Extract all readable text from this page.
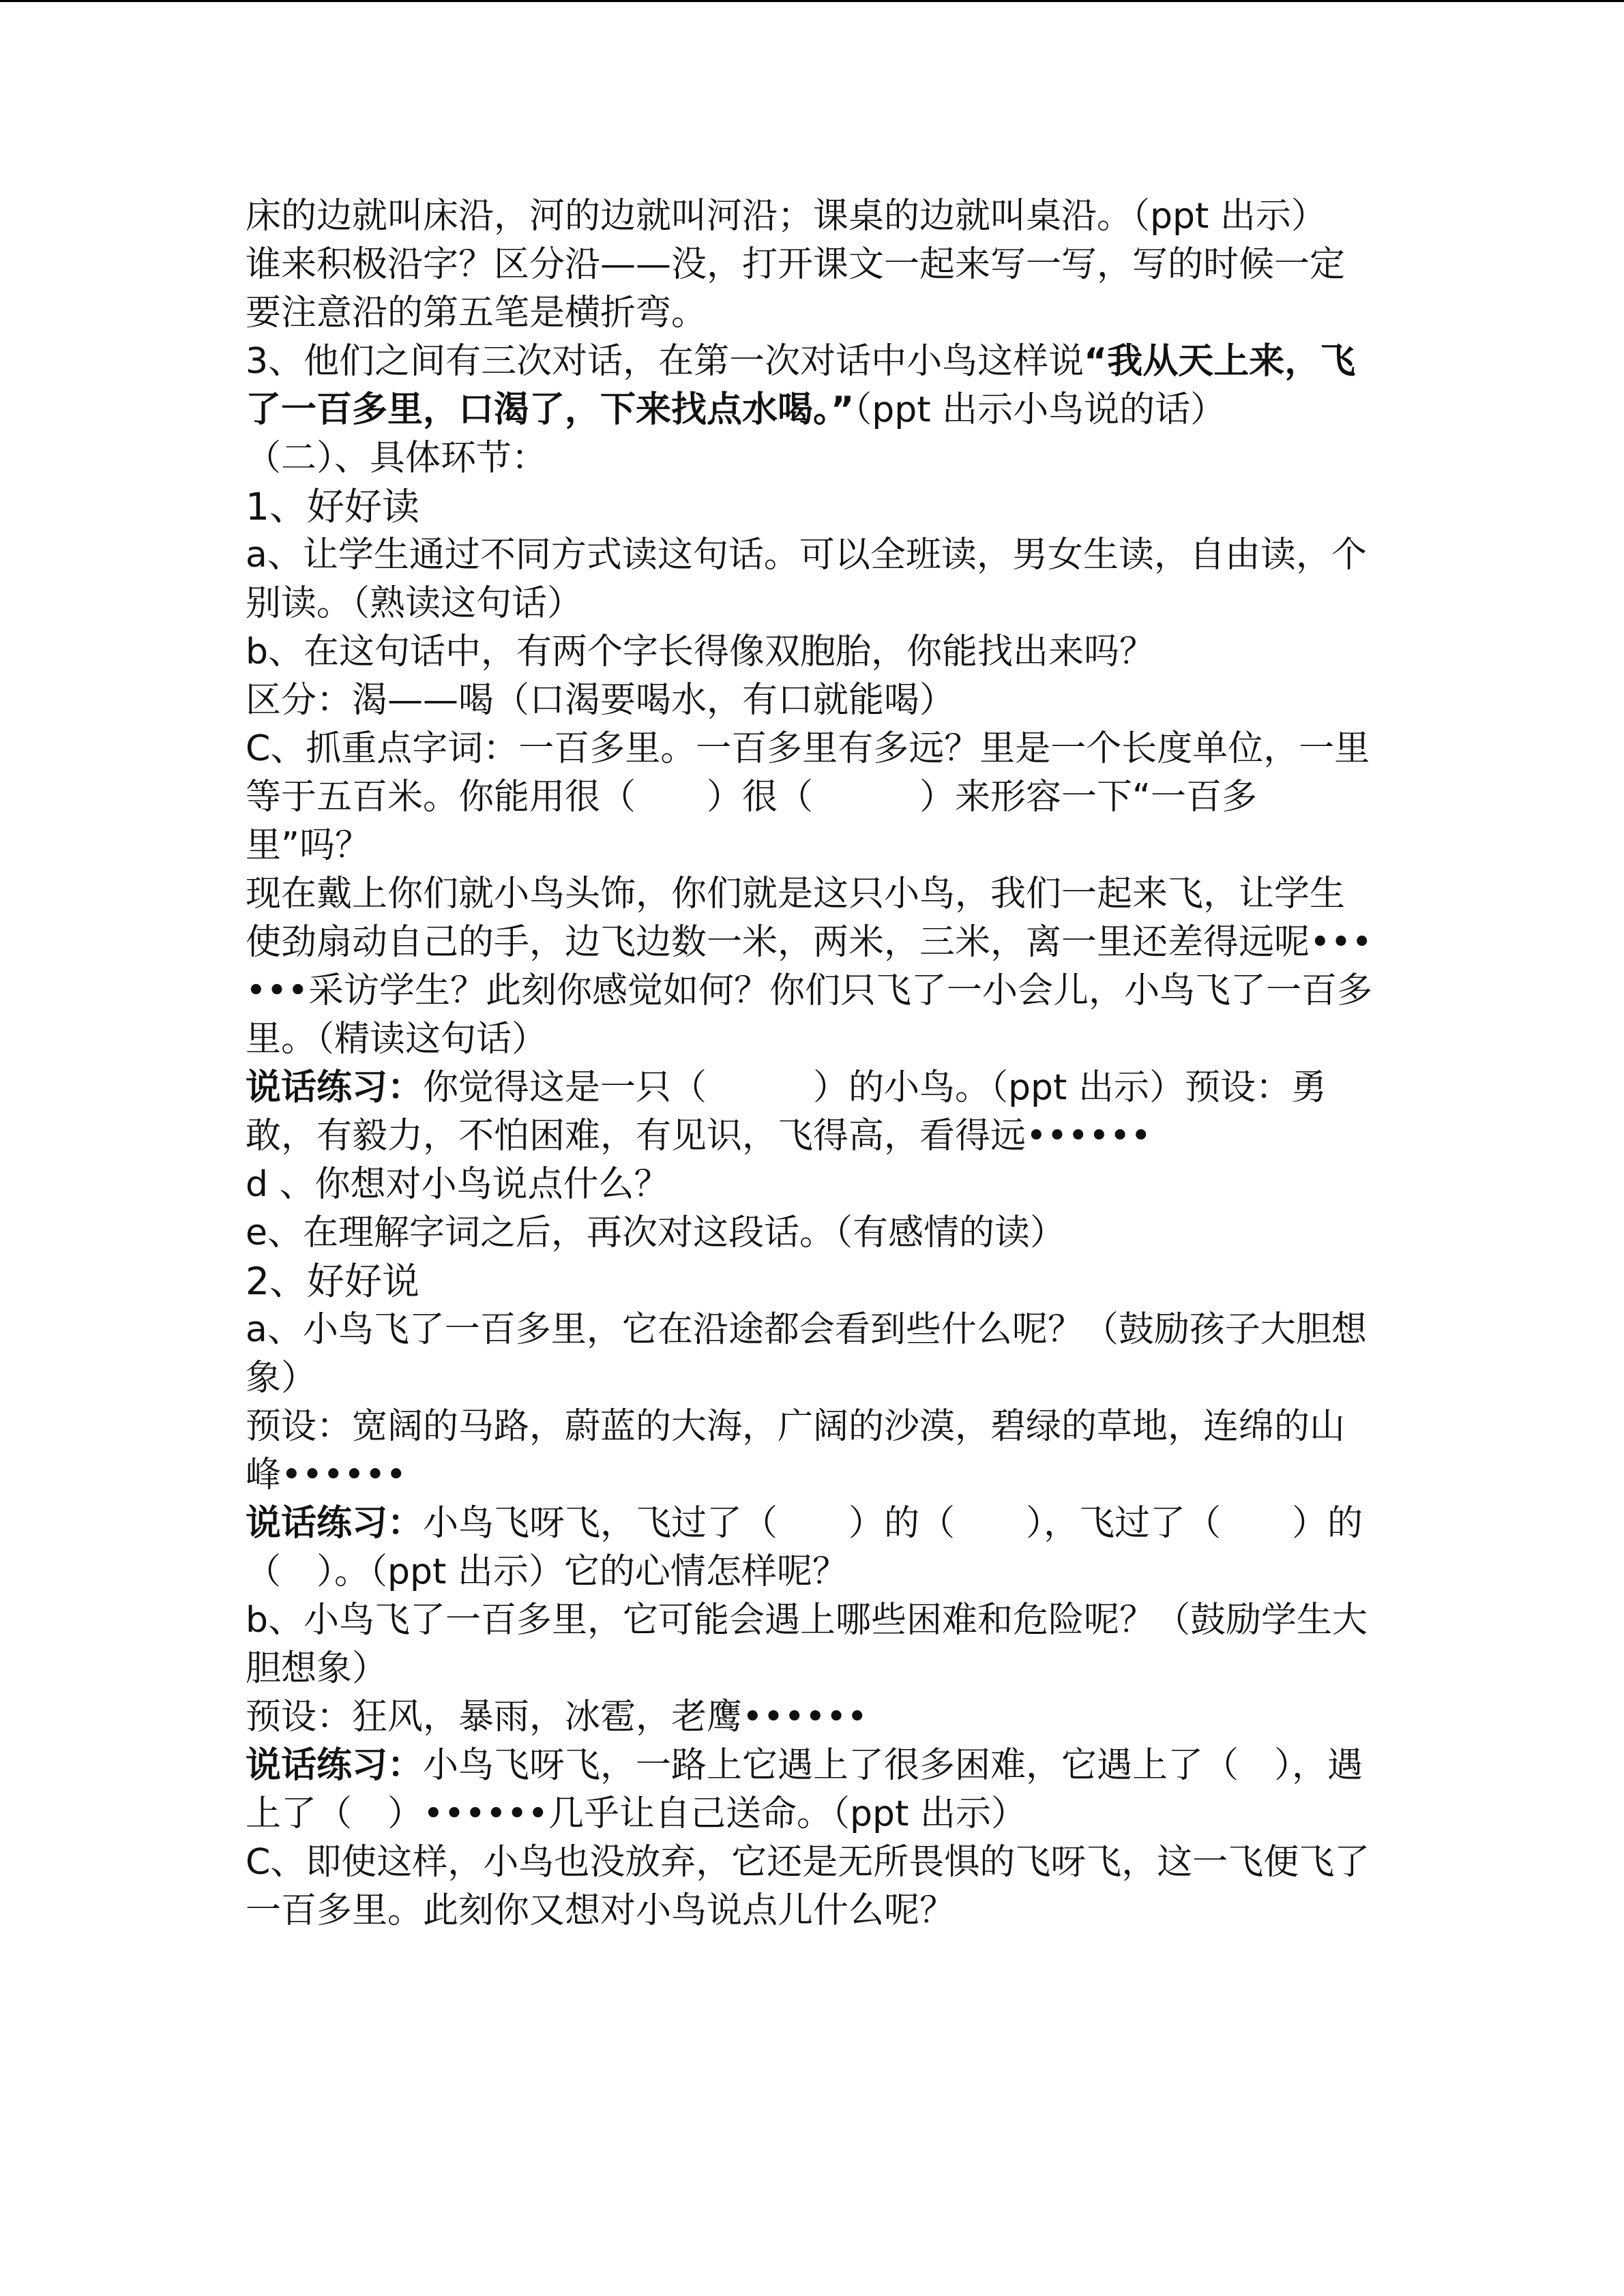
床的边就叫床沿，河的边就叫河沿；课桌的边就叫桌沿。（ppt 出示）

谁来积极沿字？区分沿——没，打开课文一起来写一写，写的时候一定要注意沿的第五笔是横折弯。

3、他们之间有三次对话，在第一次对话中小鸟这样说“我从天上来，飞了一百多里，口渴了，下来找点水喝。”（ppt 出示小鸟说的话）

（二）、具体环节：

1、好好读

a、让学生通过不同方式读这句话。可以全班读，男女生读，自由读，个别读。（熟读这句话）

b、在这句话中，有两个字长得像双胞胎，你能找出来吗？

区分：渴——喝（口渴要喝水，有口就能喝）

C、抓重点字词：一百多里。一百多里有多远？里是一个长度单位，一里等于五百米。你能用很（　　）很（　　　）来形容一下“一百多里”吗？

现在戴上你们就小鸟头饰，你们就是这只小鸟，我们一起来飞，让学生使劲扇动自己的手，边飞边数一米，两米，三米，离一里还差得远呢••••••采访学生？此刻你感觉如何？你们只飞了一小会儿，小鸟飞了一百多里。（精读这句话）

说话练习：你觉得这是一只（　　　）的小鸟。（ppt 出示）预设：勇敢，有毅力，不怕困难，有见识，飞得高，看得远••••••

d 、你想对小鸟说点什么？

e、在理解字词之后，再次对这段话。（有感情的读）

2、好好说

a、小鸟飞了一百多里，它在沿途都会看到些什么呢？（鼓励孩子大胆想象）

预设：宽阔的马路，蔚蓝的大海，广阔的沙漠，碧绿的草地，连绵的山峰••••••

说话练习：小鸟飞呀飞，飞过了（　　）的（　　），飞过了（　　）的（　）。（ppt 出示）它的心情怎样呢？

b、小鸟飞了一百多里，它可能会遇上哪些困难和危险呢？（鼓励学生大胆想象）

预设：狂风，暴雨，冰雹，老鹰••••••

说话练习：小鸟飞呀飞，一路上它遇上了很多困难，它遇上了（　），遇上了（　）••••••几乎让自己送命。（ppt 出示）

C、即使这样，小鸟也没放弃，它还是无所畏惧的飞呀飞，这一飞便飞了一百多里。此刻你又想对小鸟说点儿什么呢？
